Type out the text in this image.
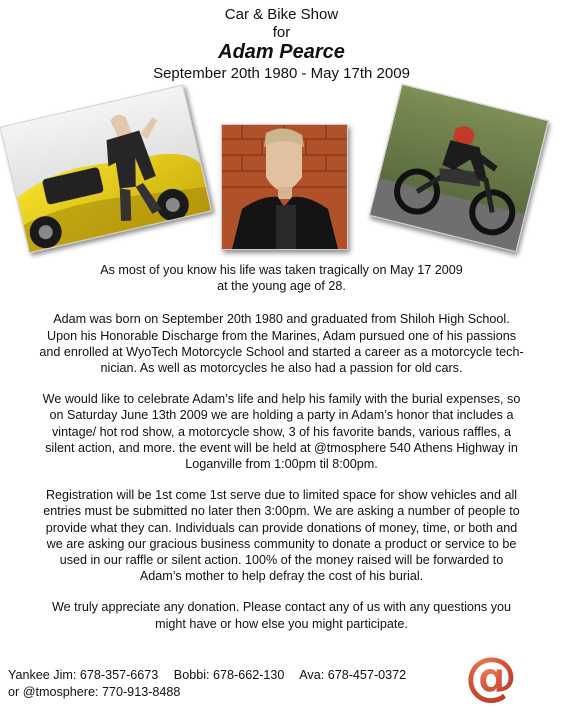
Car & Bike Show
for
Adam Pearce
September 20th 1980 - May 17th 2009

As most of you know his life was taken tragically on May 17 2009
at the young age of 28.

Adam was born on September 20th 1980 and graduated from Shiloh High School.
Upon his Honorable Discharge from the Marines, Adam pursued one of his passions
and enrolled at WyoTech Motorcycle School and started a career as a motorcycle tech-
nician. As well as motorcycles he also had a passion for old cars.

We would like to celebrate Adam’s life and help his family with the burial expenses, so
on Saturday June 13th 2009 we are holding a party in Adam’s honor that includes a
vintage/ hot rod show, a motorcycle show, 3 of his favorite bands, various raffles, a
silent action, and more. the event will be held at @tmosphere 540 Athens Highway in
Loganville from 1:00pm til 8:00pm.

Registration will be 1st come 1st serve due to limited space for show vehicles and all
entries must be submitted no later then 3:00pm. We are asking a number of people to
provide what they can. Individuals can provide donations of money, time, or both and
we are asking our gracious business community to donate a product or service to be
used in our raffle or silent action. 100% of the money raised will be forwarded to
Adam’s mother to help defray the cost of his burial.

We truly appreciate any donation. Please contact any of us with any questions you
might have or how else you might participate.

Yankee Jim: 678-357-6673 Bobbi: 678-662-130 Ava: 678-457-0372
or @tmosphere: 770-913-8488	@
